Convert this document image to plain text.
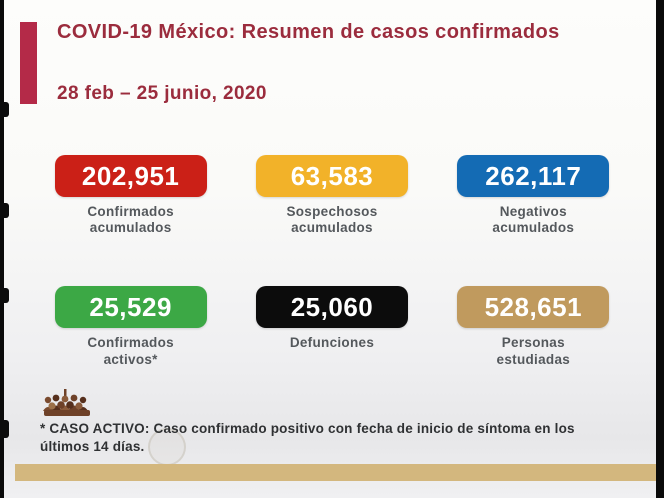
COVID-19 México: Resumen de casos confirmados
28 feb – 25 junio, 2020
202,951
Confirmados
acumulados
63,583
Sospechosos
acumulados
262,117
Negativos
acumulados
25,529
Confirmados
activos*
25,060
Defunciones
528,651
Personas
estudiadas
* CASO ACTIVO: Caso confirmado positivo con fecha de inicio de síntoma en los últimos 14 días.
